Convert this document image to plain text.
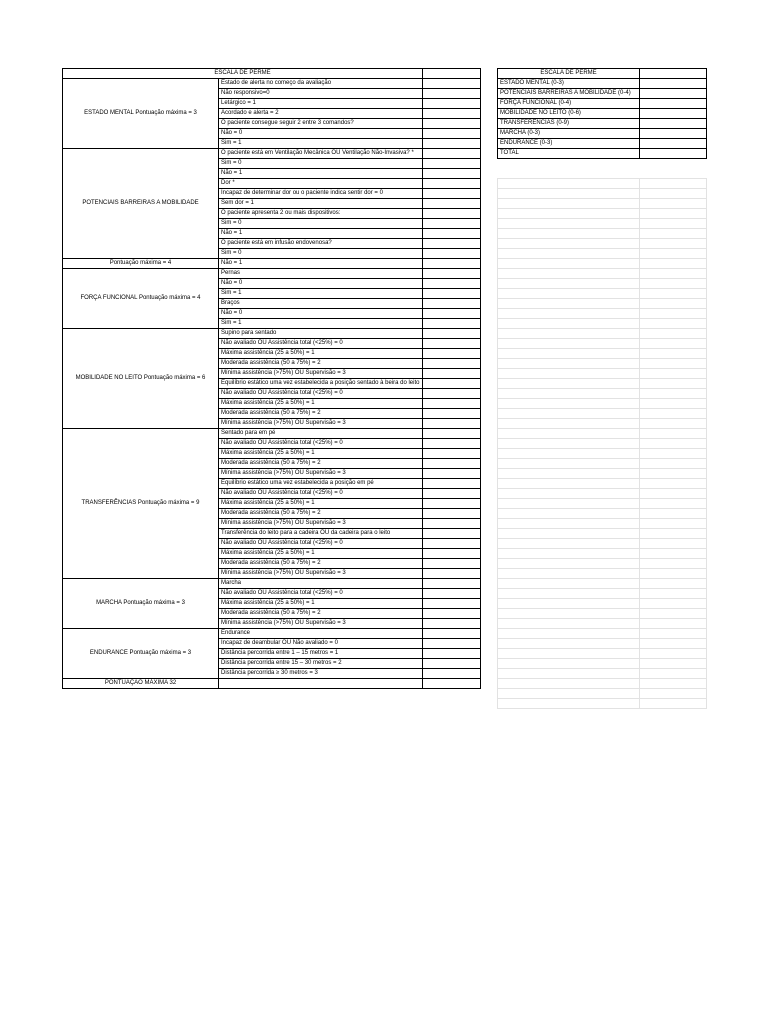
ESCALA DE PERME		
ESTADO MENTAL Pontuação máxima = 3	Estado de alerta no começo da avaliação	
	Não responsivo=0	
	Letárgico = 1	
	Acordado e alerta = 2	
	O paciente consegue seguir 2 entre 3 comandos?	
	Não = 0	
	Sim = 1	
POTENCIAIS BARREIRAS A MOBILIDADE	O paciente está em Ventilação Mecânica OU Ventilação Não-Invasiva? *	
	Sim = 0	
	Não = 1	
	Dor *	
	Incapaz de determinar dor ou o paciente indica sentir dor = 0	
	Sem dor = 1	
	O paciente apresenta 2 ou mais dispositivos:	
	Sim = 0	
	Não = 1	
	O paciente está em infusão endovenosa?	
	Sim = 0	
Pontuação máxima = 4	Não = 1	
FORÇA FUNCIONAL Pontuação máxima = 4	Pernas	
	Não = 0	
	Sim = 1	
	Braços	
	Não = 0	
	Sim = 1	
MOBILIDADE NO LEITO Pontuação máxima = 6	Supino para sentado	
	Não avaliado OU Assistência total (<25%) = 0	
	Máxima assistência (25 a 50%) = 1	
	Moderada assistência (50 a 75%) = 2	
	Mínima assistência (>75%) OU Supervisão = 3	
	Equilíbrio estático uma vez estabelecida a posição sentado à beira do leito	
	Não avaliado OU Assistência total (<25%) = 0	
	Máxima assistência (25 a 50%) = 1	
	Moderada assistência (50 a 75%) = 2	
	Mínima assistência (>75%) OU Supervisão = 3	
TRANSFERÊNCIAS Pontuação máxima = 9	Sentado para em pé	
	Não avaliado OU Assistência total (<25%) = 0	
	Máxima assistência (25 a 50%) = 1	
	Moderada assistência (50 a 75%) = 2	
	Mínima assistência (>75%) OU Supervisão = 3	
	Equilíbrio estático uma vez estabelecida a posição em pé	
	Não avaliado OU Assistência total (<25%) = 0	
	Máxima assistência (25 a 50%) = 1	
	Moderada assistência (50 a 75%) = 2	
	Mínima assistência (>75%) OU Supervisão = 3	
	Transferência do leito para a cadeira OU da cadeira para o leito	
	Não avaliado OU Assistência total (<25%) = 0	
	Máxima assistência (25 a 50%) = 1	
	Moderada assistência (50 a 75%) = 2	
	Mínima assistência (>75%) OU Supervisão = 3	
MARCHA Pontuação máxima = 3	Marcha	
	Não avaliado OU Assistência total (<25%) = 0	
	Máxima assistência (25 a 50%) = 1	
	Moderada assistência (50 a 75%) = 2	
	Mínima assistência (>75%) OU Supervisão = 3	
ENDURANCE Pontuação máxima = 3	Endurance	
	Incapaz de deambular OU Não avaliado = 0	
	Distância percorrida entre 1 – 15 metros = 1	
	Distância percorrida entre 15 – 30 metros = 2	
	Distância percorrida ≥ 30 metros = 3	
PONTUAÇÃO MÁXIMA 32		
ESCALA DE PERME	
ESTADO MENTAL (0-3)	
POTENCIAIS BARREIRAS A MOBILIDADE (0-4)	
FORÇA FUNCIONAL (0-4)	
MOBILIDADE NO LEITO (0-6)	
TRANSFERÊNCIAS (0-9)	
MARCHA (0-3)	
ENDURANCE (0-3)	
TOTAL	
